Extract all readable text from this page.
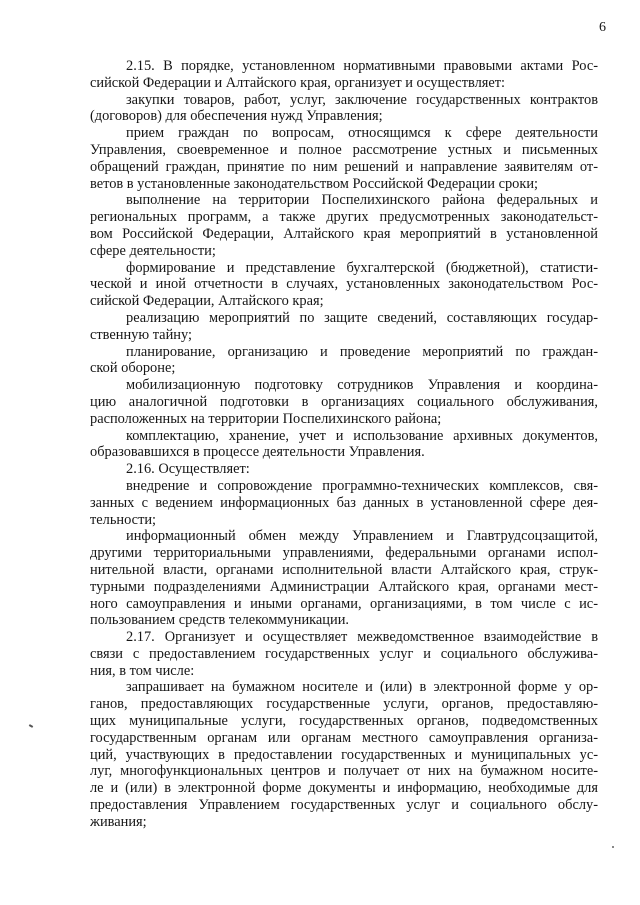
6
2.15. В порядке, установленном нормативными правовыми актами Рос-
сийской Федерации и Алтайского края, организует и осуществляет:
закупки товаров, работ, услуг, заключение государственных контрактов
(договоров) для обеспечения нужд Управления;
прием граждан по вопросам, относящимся к сфере деятельности
Управления, своевременное и полное рассмотрение устных и письменных
обращений граждан, принятие по ним решений и направление заявителям от-
ветов в установленные законодательством Российской Федерации сроки;
выполнение на территории Поспелихинского района федеральных и
региональных программ, а также других предусмотренных законодательст-
вом Российской Федерации, Алтайского края мероприятий в установленной
сфере деятельности;
формирование и представление бухгалтерской (бюджетной), статисти-
ческой и иной отчетности в случаях, установленных законодательством Рос-
сийской Федерации, Алтайского края;
реализацию мероприятий по защите сведений, составляющих государ-
ственную тайну;
планирование, организацию и проведение мероприятий по граждан-
ской обороне;
мобилизационную подготовку сотрудников Управления и координа-
цию аналогичной подготовки в организациях социального обслуживания,
расположенных на территории Поспелихинского района;
комплектацию, хранение, учет и использование архивных документов,
образовавшихся в процессе деятельности Управления.
2.16. Осуществляет:
внедрение и сопровождение программно-технических комплексов, свя-
занных с ведением информационных баз данных в установленной сфере дея-
тельности;
информационный обмен между Управлением и Главтрудсоцзащитой,
другими территориальными управлениями, федеральными органами испол-
нительной власти, органами исполнительной власти Алтайского края, струк-
турными подразделениями Администрации Алтайского края, органами мест-
ного самоуправления и иными органами, организациями, в том числе с ис-
пользованием средств телекоммуникации.
2.17. Организует и осуществляет межведомственное взаимодействие в
связи с предоставлением государственных услуг и социального обслужива-
ния, в том числе:
запрашивает на бумажном носителе и (или) в электронной форме у ор-
ганов, предоставляющих государственные услуги, органов, предоставляю-
щих муниципальные услуги, государственных органов, подведомственных
государственным органам или органам местного самоуправления организа-
ций, участвующих в предоставлении государственных и муниципальных ус-
луг, многофункциональных центров и получает от них на бумажном носите-
ле и (или) в электронной форме документы и информацию, необходимые для
предоставления Управлением государственных услуг и социального обслу-
живания;
